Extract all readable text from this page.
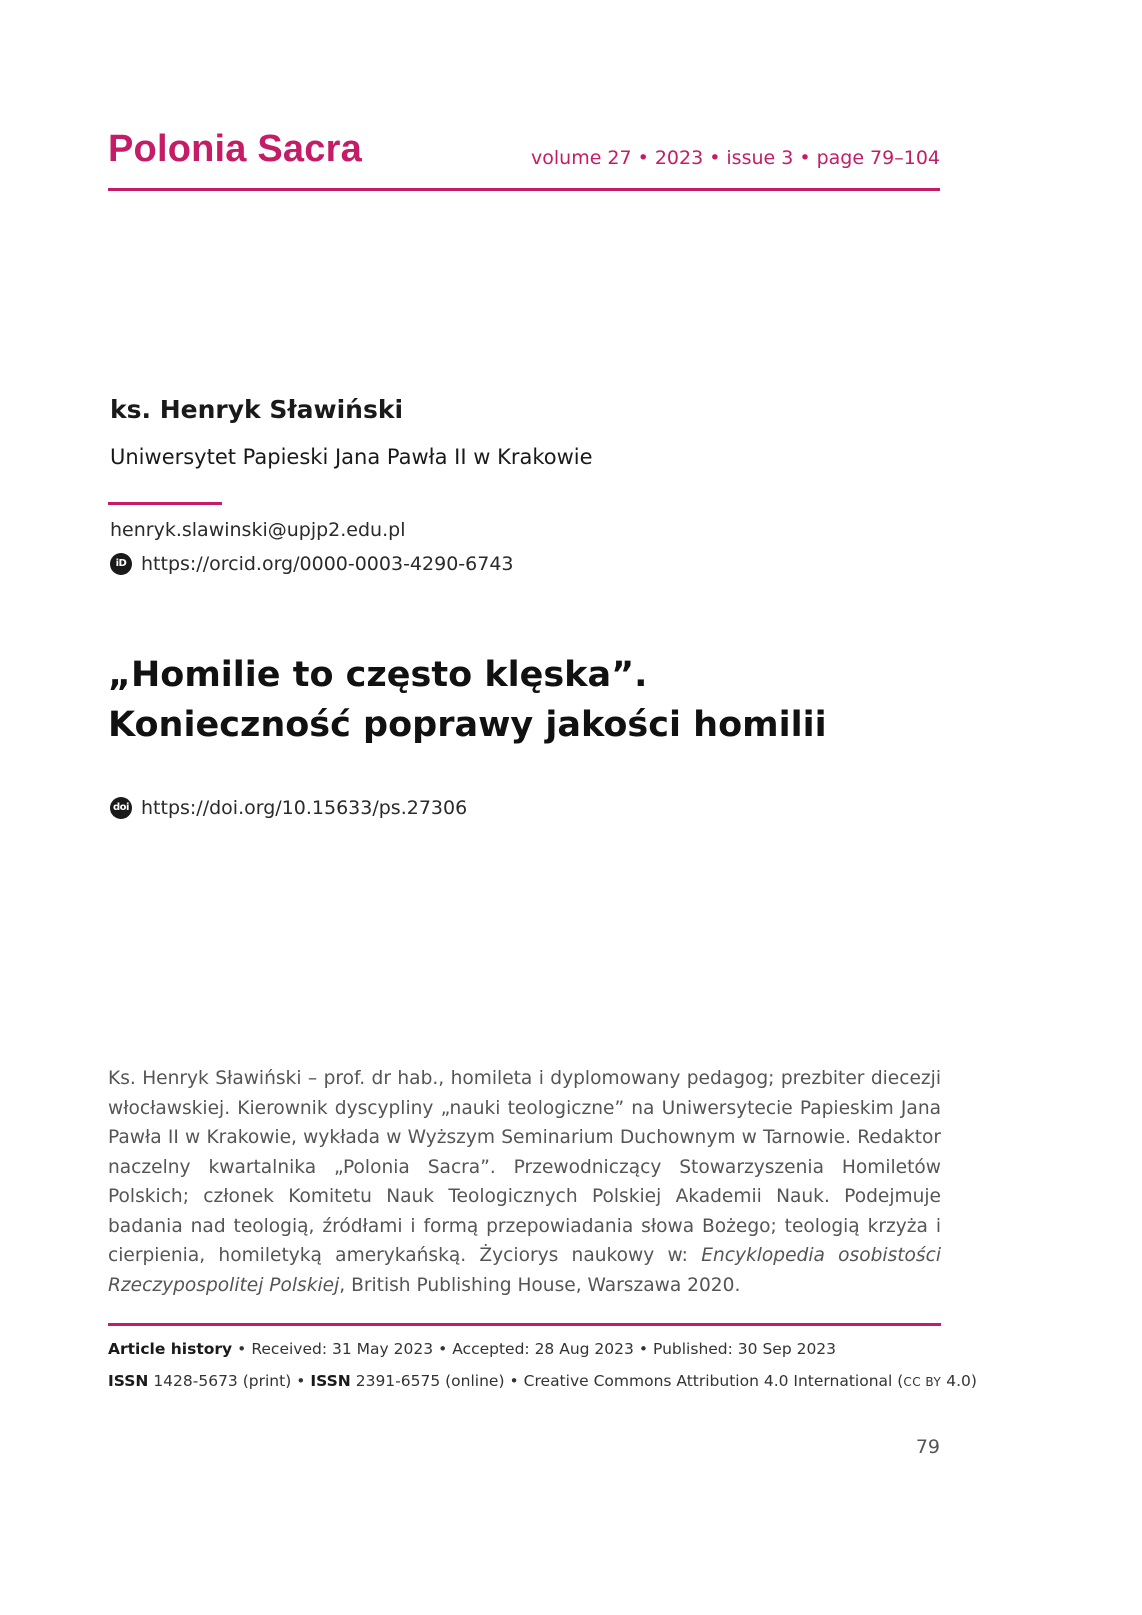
Polonia Sacra	volume 27 • 2023 • issue 3 • page 79–104
ks. Henryk Sławiński
Uniwersytet Papieski Jana Pawła II w Krakowie
henryk.slawinski@upjp2.edu.pl
iD https://orcid.org/0000-0003-4290-6743
„Homilie to często klęska”.
Konieczność poprawy jakości homilii
doi https://doi.org/10.15633/ps.27306
Ks. Henryk Sławiński – prof. dr hab., homileta i dyplomowany pedagog; prezbiter diecezji włocławskiej. Kierownik dyscypliny „nauki teologiczne” na Uniwersytecie Papieskim Jana Pawła II w Krakowie, wykłada w Wyższym Seminarium Duchownym w Tarnowie. Redaktor naczelny kwartalnika „Polonia Sacra”. Przewodniczący Stowarzyszenia Homiletów Polskich; członek Komitetu Nauk Teologicznych Polskiej Akademii Nauk. Podejmuje badania nad teologią, źródłami i formą przepowiadania słowa Bożego; teologią krzyża i cierpienia, homiletyką amerykańską. Życiorys naukowy w: Encyklopedia osobistości Rzeczypospolitej Polskiej, British Publishing House, Warszawa 2020.
Article history • Received: 31 May 2023 • Accepted: 28 Aug 2023 • Published: 30 Sep 2023
ISSN 1428-5673 (print) • ISSN 2391-6575 (online) • Creative Commons Attribution 4.0 International (CC BY 4.0)
79
